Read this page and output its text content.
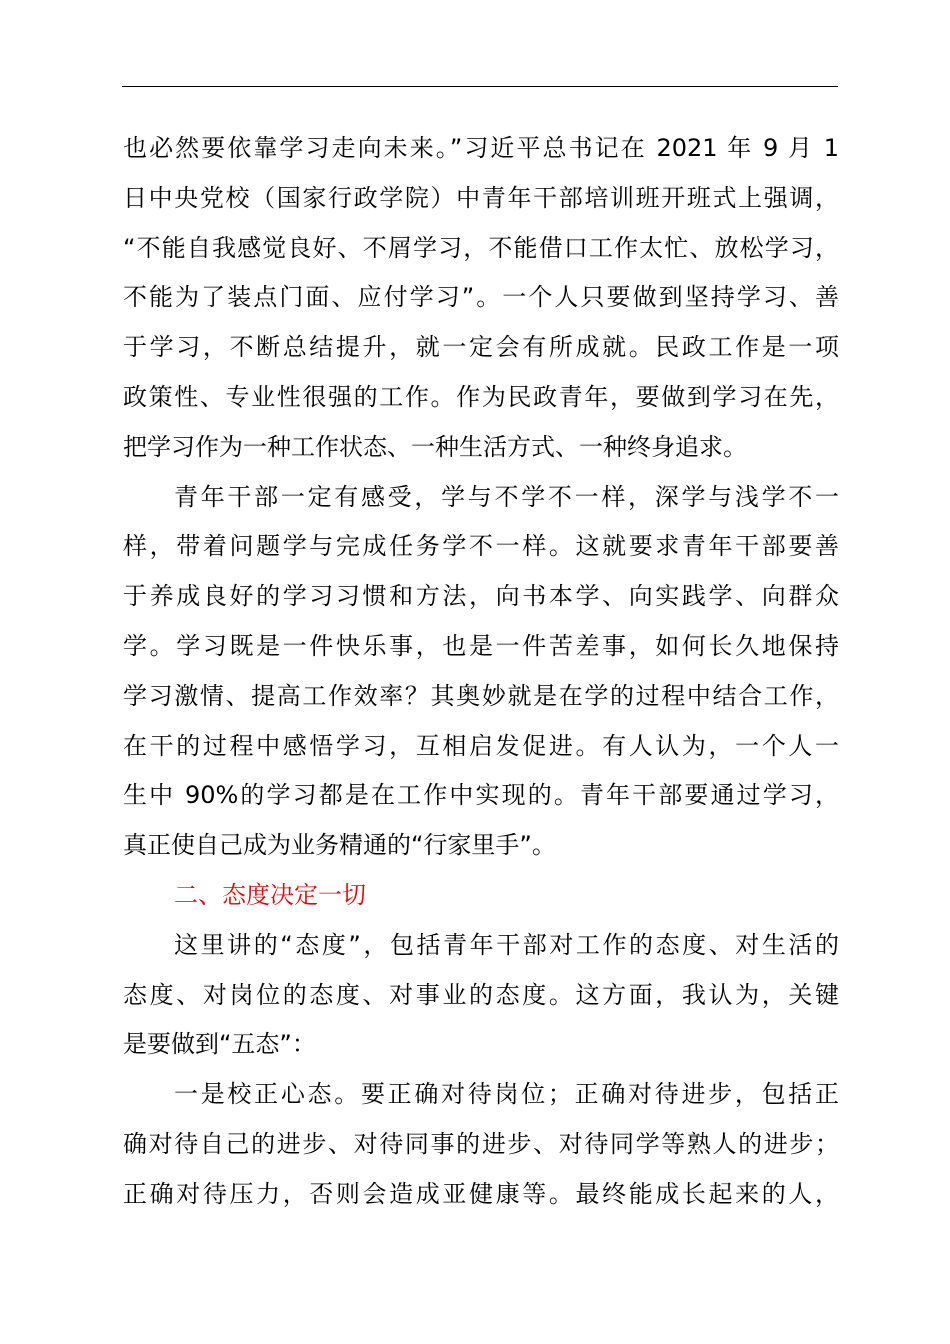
也必然要依靠学习走向未来。”习近平总书记在 2021 年 9 月 1
日中央党校（国家行政学院）中青年干部培训班开班式上强调，
“不能自我感觉良好、不屑学习，不能借口工作太忙、放松学习，
不能为了装点门面、应付学习”。一个人只要做到坚持学习、善
于学习，不断总结提升，就一定会有所成就。民政工作是一项
政策性、专业性很强的工作。作为民政青年，要做到学习在先，
把学习作为一种工作状态、一种生活方式、一种终身追求。
青年干部一定有感受，学与不学不一样，深学与浅学不一
样，带着问题学与完成任务学不一样。这就要求青年干部要善
于养成良好的学习习惯和方法，向书本学、向实践学、向群众
学。学习既是一件快乐事，也是一件苦差事，如何长久地保持
学习激情、提高工作效率？其奥妙就是在学的过程中结合工作，
在干的过程中感悟学习，互相启发促进。有人认为，一个人一
生中 90%的学习都是在工作中实现的。青年干部要通过学习，
真正使自己成为业务精通的“行家里手”。
二、态度决定一切
这里讲的“态度”，包括青年干部对工作的态度、对生活的
态度、对岗位的态度、对事业的态度。这方面，我认为，关键
是要做到“五态”：
一是校正心态。要正确对待岗位；正确对待进步，包括正
确对待自己的进步、对待同事的进步、对待同学等熟人的进步；
正确对待压力，否则会造成亚健康等。最终能成长起来的人，
